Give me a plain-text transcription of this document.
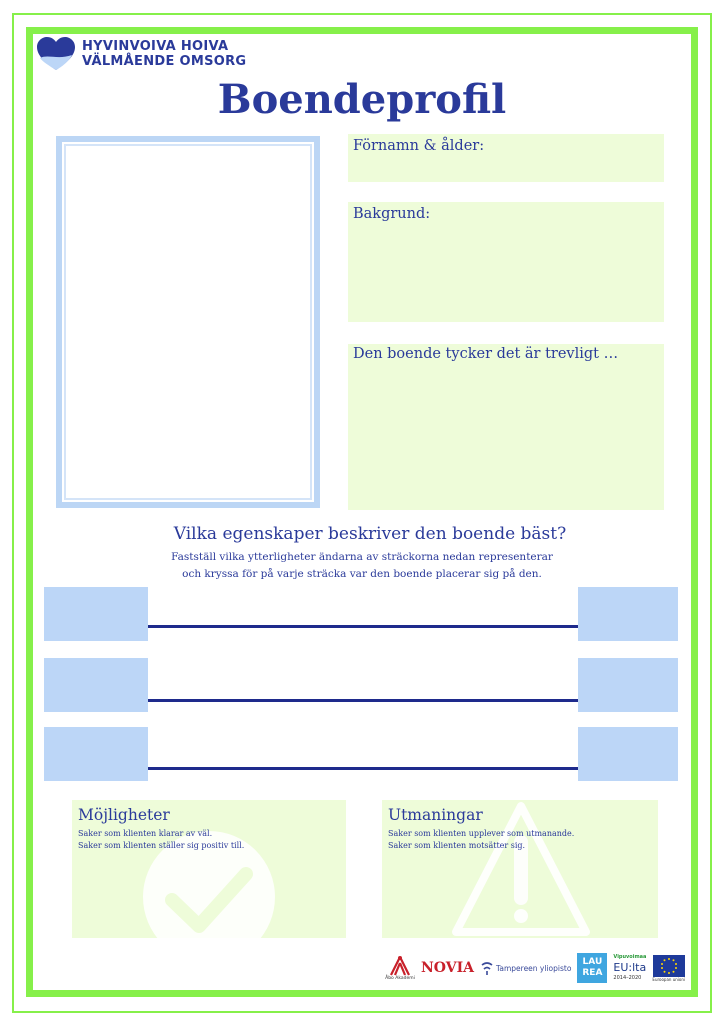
HYVINVOIVA HOIVA
VÄLMÅENDE OMSORG
Boendeprofil
Förnamn & ålder:
Bakgrund:
Den boende tycker det är trevligt …
Vilka egenskaper beskriver den boende bäst?
Fastställ vilka ytterligheter ändarna av sträckorna nedan representerar
och kryssa för på varje sträcka var den boende placerar sig på den.
Möjligheter
Saker som klienten klarar av väl.
Saker som klienten ställer sig positiv till.
Utmaningar
Saker som klienten upplever som utmanande.
Saker som klienten motsätter sig.
Åbo Akademi
NOVIA	Tampereen yliopisto
LAU
REA
Vipuvoimaa
EU:lta
2014–2020	Euroopan unioni
